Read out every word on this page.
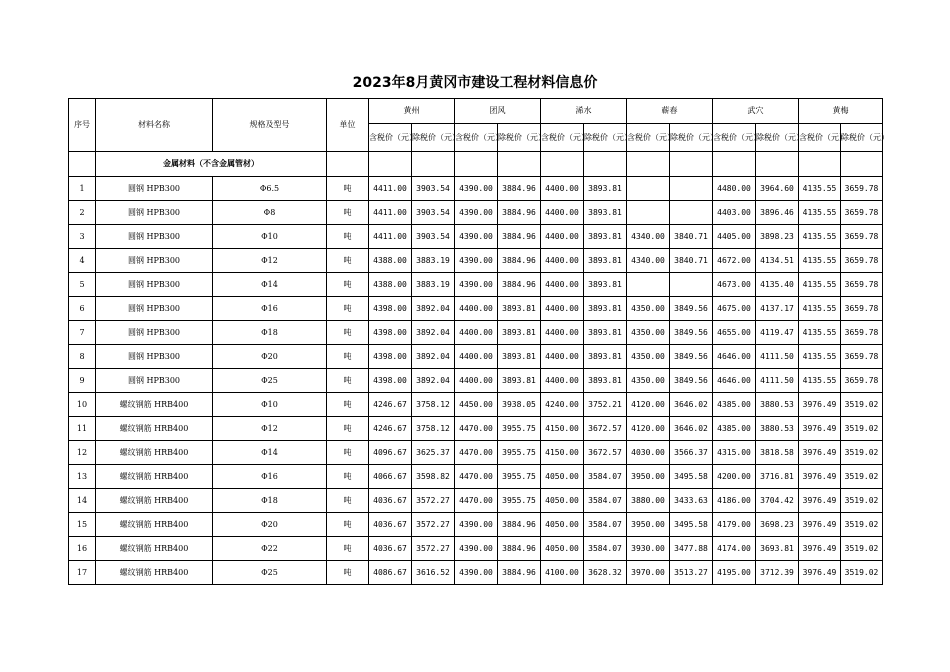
2023年8月黄冈市建设工程材料信息价
序号	材料名称	规格及型号	单位	黄州		团风		浠水		蕲春		武穴		黄梅	
				含税价（元）	除税价（元）	含税价（元）	除税价（元）	含税价（元）	除税价（元）	含税价（元）	除税价（元）	含税价（元）	除税价（元）	含税价（元）	除税价（元）
	金属材料（不含金属管材）														
1	圆钢 HPB300	Φ6.5	吨	4411.00	3903.54	4390.00	3884.96	4400.00	3893.81			4480.00	3964.60	4135.55	3659.78
2	圆钢 HPB300	Φ8	吨	4411.00	3903.54	4390.00	3884.96	4400.00	3893.81			4403.00	3896.46	4135.55	3659.78
3	圆钢 HPB300	Φ10	吨	4411.00	3903.54	4390.00	3884.96	4400.00	3893.81	4340.00	3840.71	4405.00	3898.23	4135.55	3659.78
4	圆钢 HPB300	Φ12	吨	4388.00	3883.19	4390.00	3884.96	4400.00	3893.81	4340.00	3840.71	4672.00	4134.51	4135.55	3659.78
5	圆钢 HPB300	Φ14	吨	4388.00	3883.19	4390.00	3884.96	4400.00	3893.81			4673.00	4135.40	4135.55	3659.78
6	圆钢 HPB300	Φ16	吨	4398.00	3892.04	4400.00	3893.81	4400.00	3893.81	4350.00	3849.56	4675.00	4137.17	4135.55	3659.78
7	圆钢 HPB300	Φ18	吨	4398.00	3892.04	4400.00	3893.81	4400.00	3893.81	4350.00	3849.56	4655.00	4119.47	4135.55	3659.78
8	圆钢 HPB300	Φ20	吨	4398.00	3892.04	4400.00	3893.81	4400.00	3893.81	4350.00	3849.56	4646.00	4111.50	4135.55	3659.78
9	圆钢 HPB300	Φ25	吨	4398.00	3892.04	4400.00	3893.81	4400.00	3893.81	4350.00	3849.56	4646.00	4111.50	4135.55	3659.78
10	螺纹钢筋 HRB400	Φ10	吨	4246.67	3758.12	4450.00	3938.05	4240.00	3752.21	4120.00	3646.02	4385.00	3880.53	3976.49	3519.02
11	螺纹钢筋 HRB400	Φ12	吨	4246.67	3758.12	4470.00	3955.75	4150.00	3672.57	4120.00	3646.02	4385.00	3880.53	3976.49	3519.02
12	螺纹钢筋 HRB400	Φ14	吨	4096.67	3625.37	4470.00	3955.75	4150.00	3672.57	4030.00	3566.37	4315.00	3818.58	3976.49	3519.02
13	螺纹钢筋 HRB400	Φ16	吨	4066.67	3598.82	4470.00	3955.75	4050.00	3584.07	3950.00	3495.58	4200.00	3716.81	3976.49	3519.02
14	螺纹钢筋 HRB400	Φ18	吨	4036.67	3572.27	4470.00	3955.75	4050.00	3584.07	3880.00	3433.63	4186.00	3704.42	3976.49	3519.02
15	螺纹钢筋 HRB400	Φ20	吨	4036.67	3572.27	4390.00	3884.96	4050.00	3584.07	3950.00	3495.58	4179.00	3698.23	3976.49	3519.02
16	螺纹钢筋 HRB400	Φ22	吨	4036.67	3572.27	4390.00	3884.96	4050.00	3584.07	3930.00	3477.88	4174.00	3693.81	3976.49	3519.02
17	螺纹钢筋 HRB400	Φ25	吨	4086.67	3616.52	4390.00	3884.96	4100.00	3628.32	3970.00	3513.27	4195.00	3712.39	3976.49	3519.02
